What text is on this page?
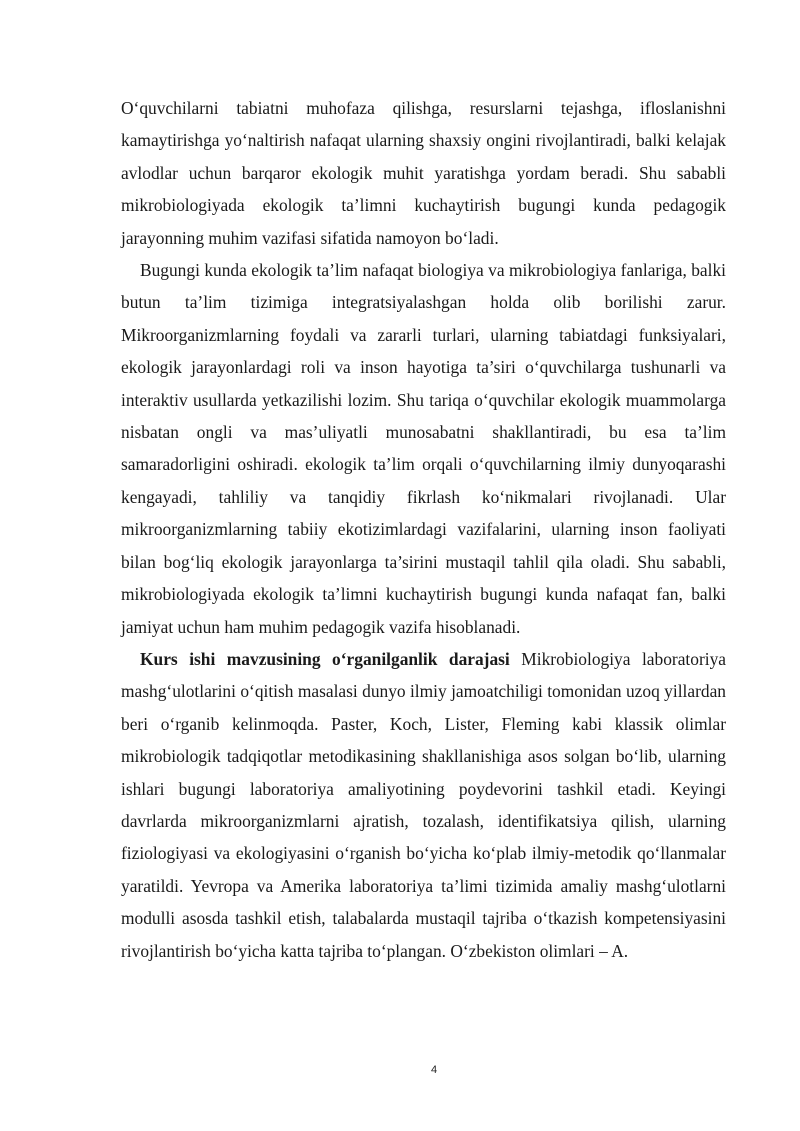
O‘quvchilarni tabiatni muhofaza qilishga, resurslarni tejashga, ifloslanishni kamaytirishga yo‘naltirish nafaqat ularning shaxsiy ongini rivojlantiradi, balki kelajak avlodlar uchun barqaror ekologik muhit yaratishga yordam beradi. Shu sababli mikrobiologiyada ekologik ta’limni kuchaytirish bugungi kunda pedagogik jarayonning muhim vazifasi sifatida namoyon bo‘ladi.

Bugungi kunda ekologik ta’lim nafaqat biologiya va mikrobiologiya fanlariga, balki butun ta’lim tizimiga integratsiyalashgan holda olib borilishi zarur. Mikroorganizmlarning foydali va zararli turlari, ularning tabiatdagi funksiyalari, ekologik jarayonlardagi roli va inson hayotiga ta’siri o‘quvchilarga tushunarli va interaktiv usullarda yetkazilishi lozim. Shu tariqa o‘quvchilar ekologik muammolarga nisbatan ongli va mas’uliyatli munosabatni shakllantiradi, bu esa ta’lim samaradorligini oshiradi. ekologik ta’lim orqali o‘quvchilarning ilmiy dunyoqarashi kengayadi, tahliliy va tanqidiy fikrlash ko‘nikmalari rivojlanadi. Ular mikroorganizmlarning tabiiy ekotizimlardagi vazifalarini, ularning inson faoliyati bilan bog‘liq ekologik jarayonlarga ta’sirini mustaqil tahlil qila oladi. Shu sababli, mikrobiologiyada ekologik ta’limni kuchaytirish bugungi kunda nafaqat fan, balki jamiyat uchun ham muhim pedagogik vazifa hisoblanadi.

Kurs ishi mavzusining o‘rganilganlik darajasi Mikrobiologiya laboratoriya mashg‘ulotlarini o‘qitish masalasi dunyo ilmiy jamoatchiligi tomonidan uzoq yillardan beri o‘rganib kelinmoqda. Paster, Koch, Lister, Fleming kabi klassik olimlar mikrobiologik tadqiqotlar metodikasining shakllanishiga asos solgan bo‘lib, ularning ishlari bugungi laboratoriya amaliyotining poydevorini tashkil etadi. Keyingi davrlarda mikroorganizmlarni ajratish, tozalash, identifikatsiya qilish, ularning fiziologiyasi va ekologiyasini o‘rganish bo‘yicha ko‘plab ilmiy-metodik qo‘llanmalar yaratildi. Yevropa va Amerika laboratoriya ta’limi tizimida amaliy mashg‘ulotlarni modulli asosda tashkil etish, talabalarda mustaqil tajriba o‘tkazish kompetensiyasini rivojlantirish bo‘yicha katta tajriba to‘plangan. O‘zbekiston olimlari – A.

4
